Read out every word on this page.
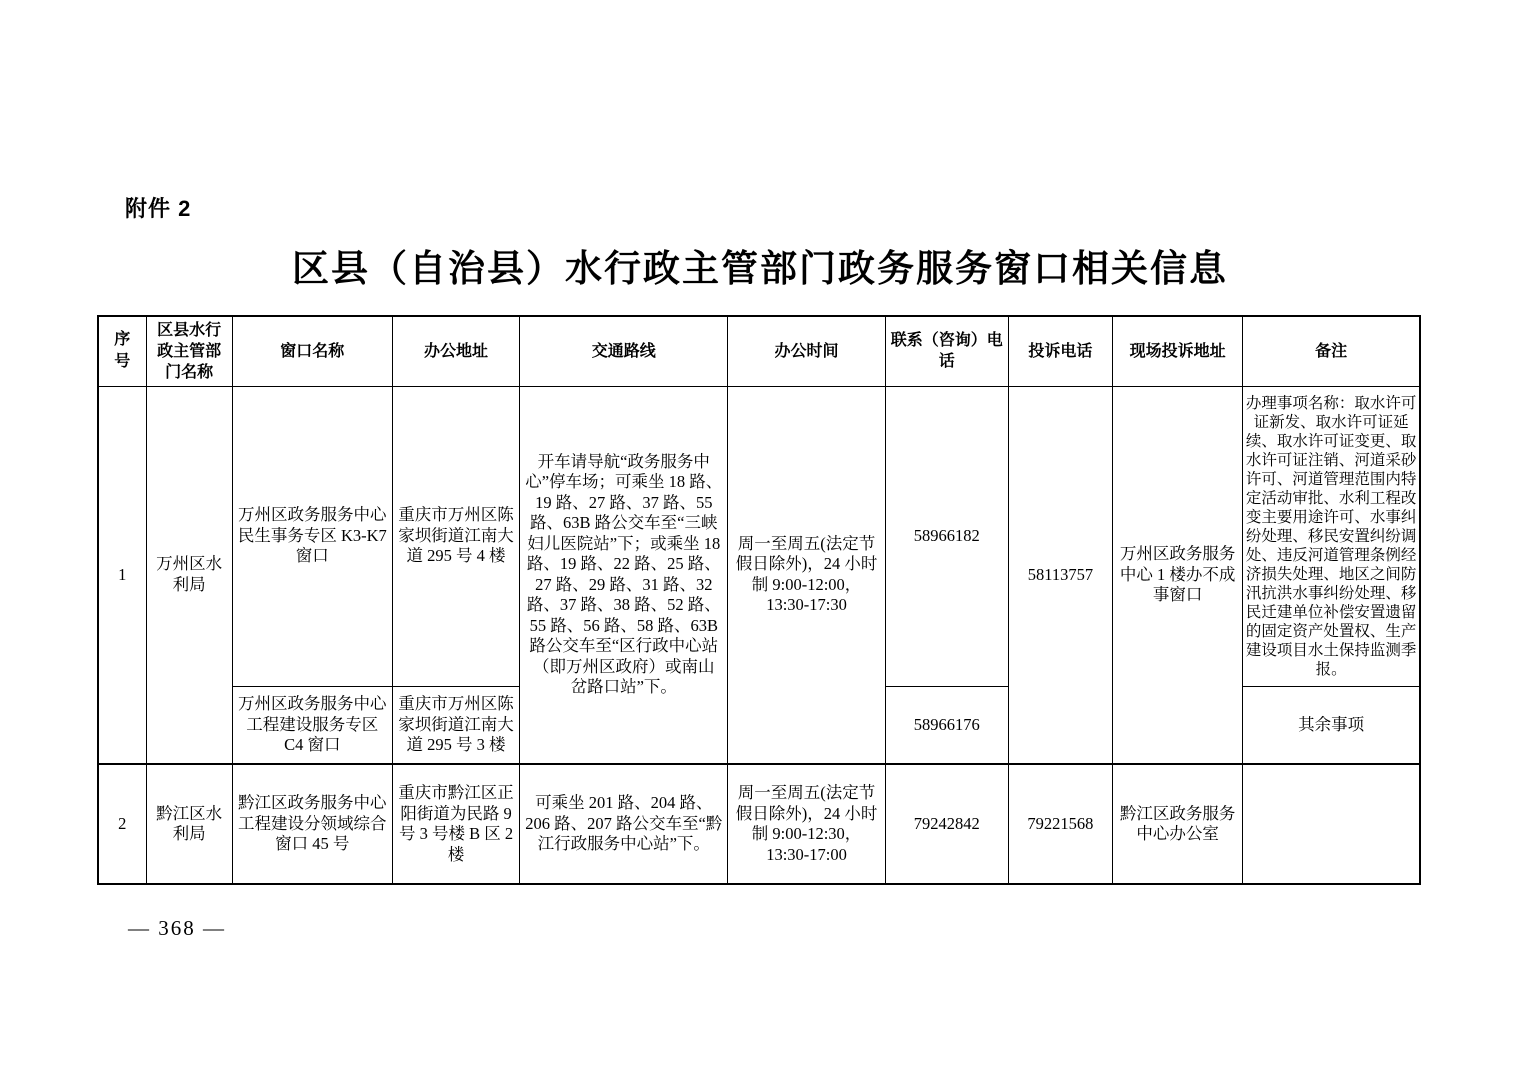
附件 2
区县（自治县）水行政主管部门政务服务窗口相关信息
序号	区县水行政主管部门名称	窗口名称	办公地址	交通路线	办公时间	联系（咨询）电话	投诉电话	现场投诉地址	备注
1	万州区水利局	万州区政务服务中心民生事务专区 K3-K7 窗口	重庆市万州区陈家坝街道江南大道 295 号 4 楼	开车请导航“政务服务中心”停车场；可乘坐 18 路、19 路、27 路、37 路、55 路、63B 路公交车至“三峡妇儿医院站”下；或乘坐 18 路、19 路、22 路、25 路、27 路、29 路、31 路、32 路、37 路、38 路、52 路、55 路、56 路、58 路、63B 路公交车至“区行政中心站（即万州区政府）或南山岔路口站”下。	周一至周五(法定节假日除外)，24 小时制 9:00-12:00，13:30-17:30	58966182	58113757	万州区政务服务中心 1 楼办不成事窗口	办理事项名称：取水许可证新发、取水许可证延续、取水许可证变更、取水许可证注销、河道采砂许可、河道管理范围内特定活动审批、水利工程改变主要用途许可、水事纠纷处理、移民安置纠纷调处、违反河道管理条例经济损失处理、地区之间防汛抗洪水事纠纷处理、移民迁建单位补偿安置遗留的固定资产处置权、生产建设项目水土保持监测季报。
		万州区政务服务中心工程建设服务专区 C4 窗口	重庆市万州区陈家坝街道江南大道 295 号 3 楼			58966176			其余事项
2	黔江区水利局	黔江区政务服务中心工程建设分领域综合窗口 45 号	重庆市黔江区正阳街道为民路 9 号 3 号楼 B 区 2 楼	可乘坐 201 路、204 路、206 路、207 路公交车至“黔江行政服务中心站”下。	周一至周五(法定节假日除外)，24 小时制 9:00-12:30，13:30-17:00	79242842	79221568	黔江区政务服务中心办公室	
— 368 —
